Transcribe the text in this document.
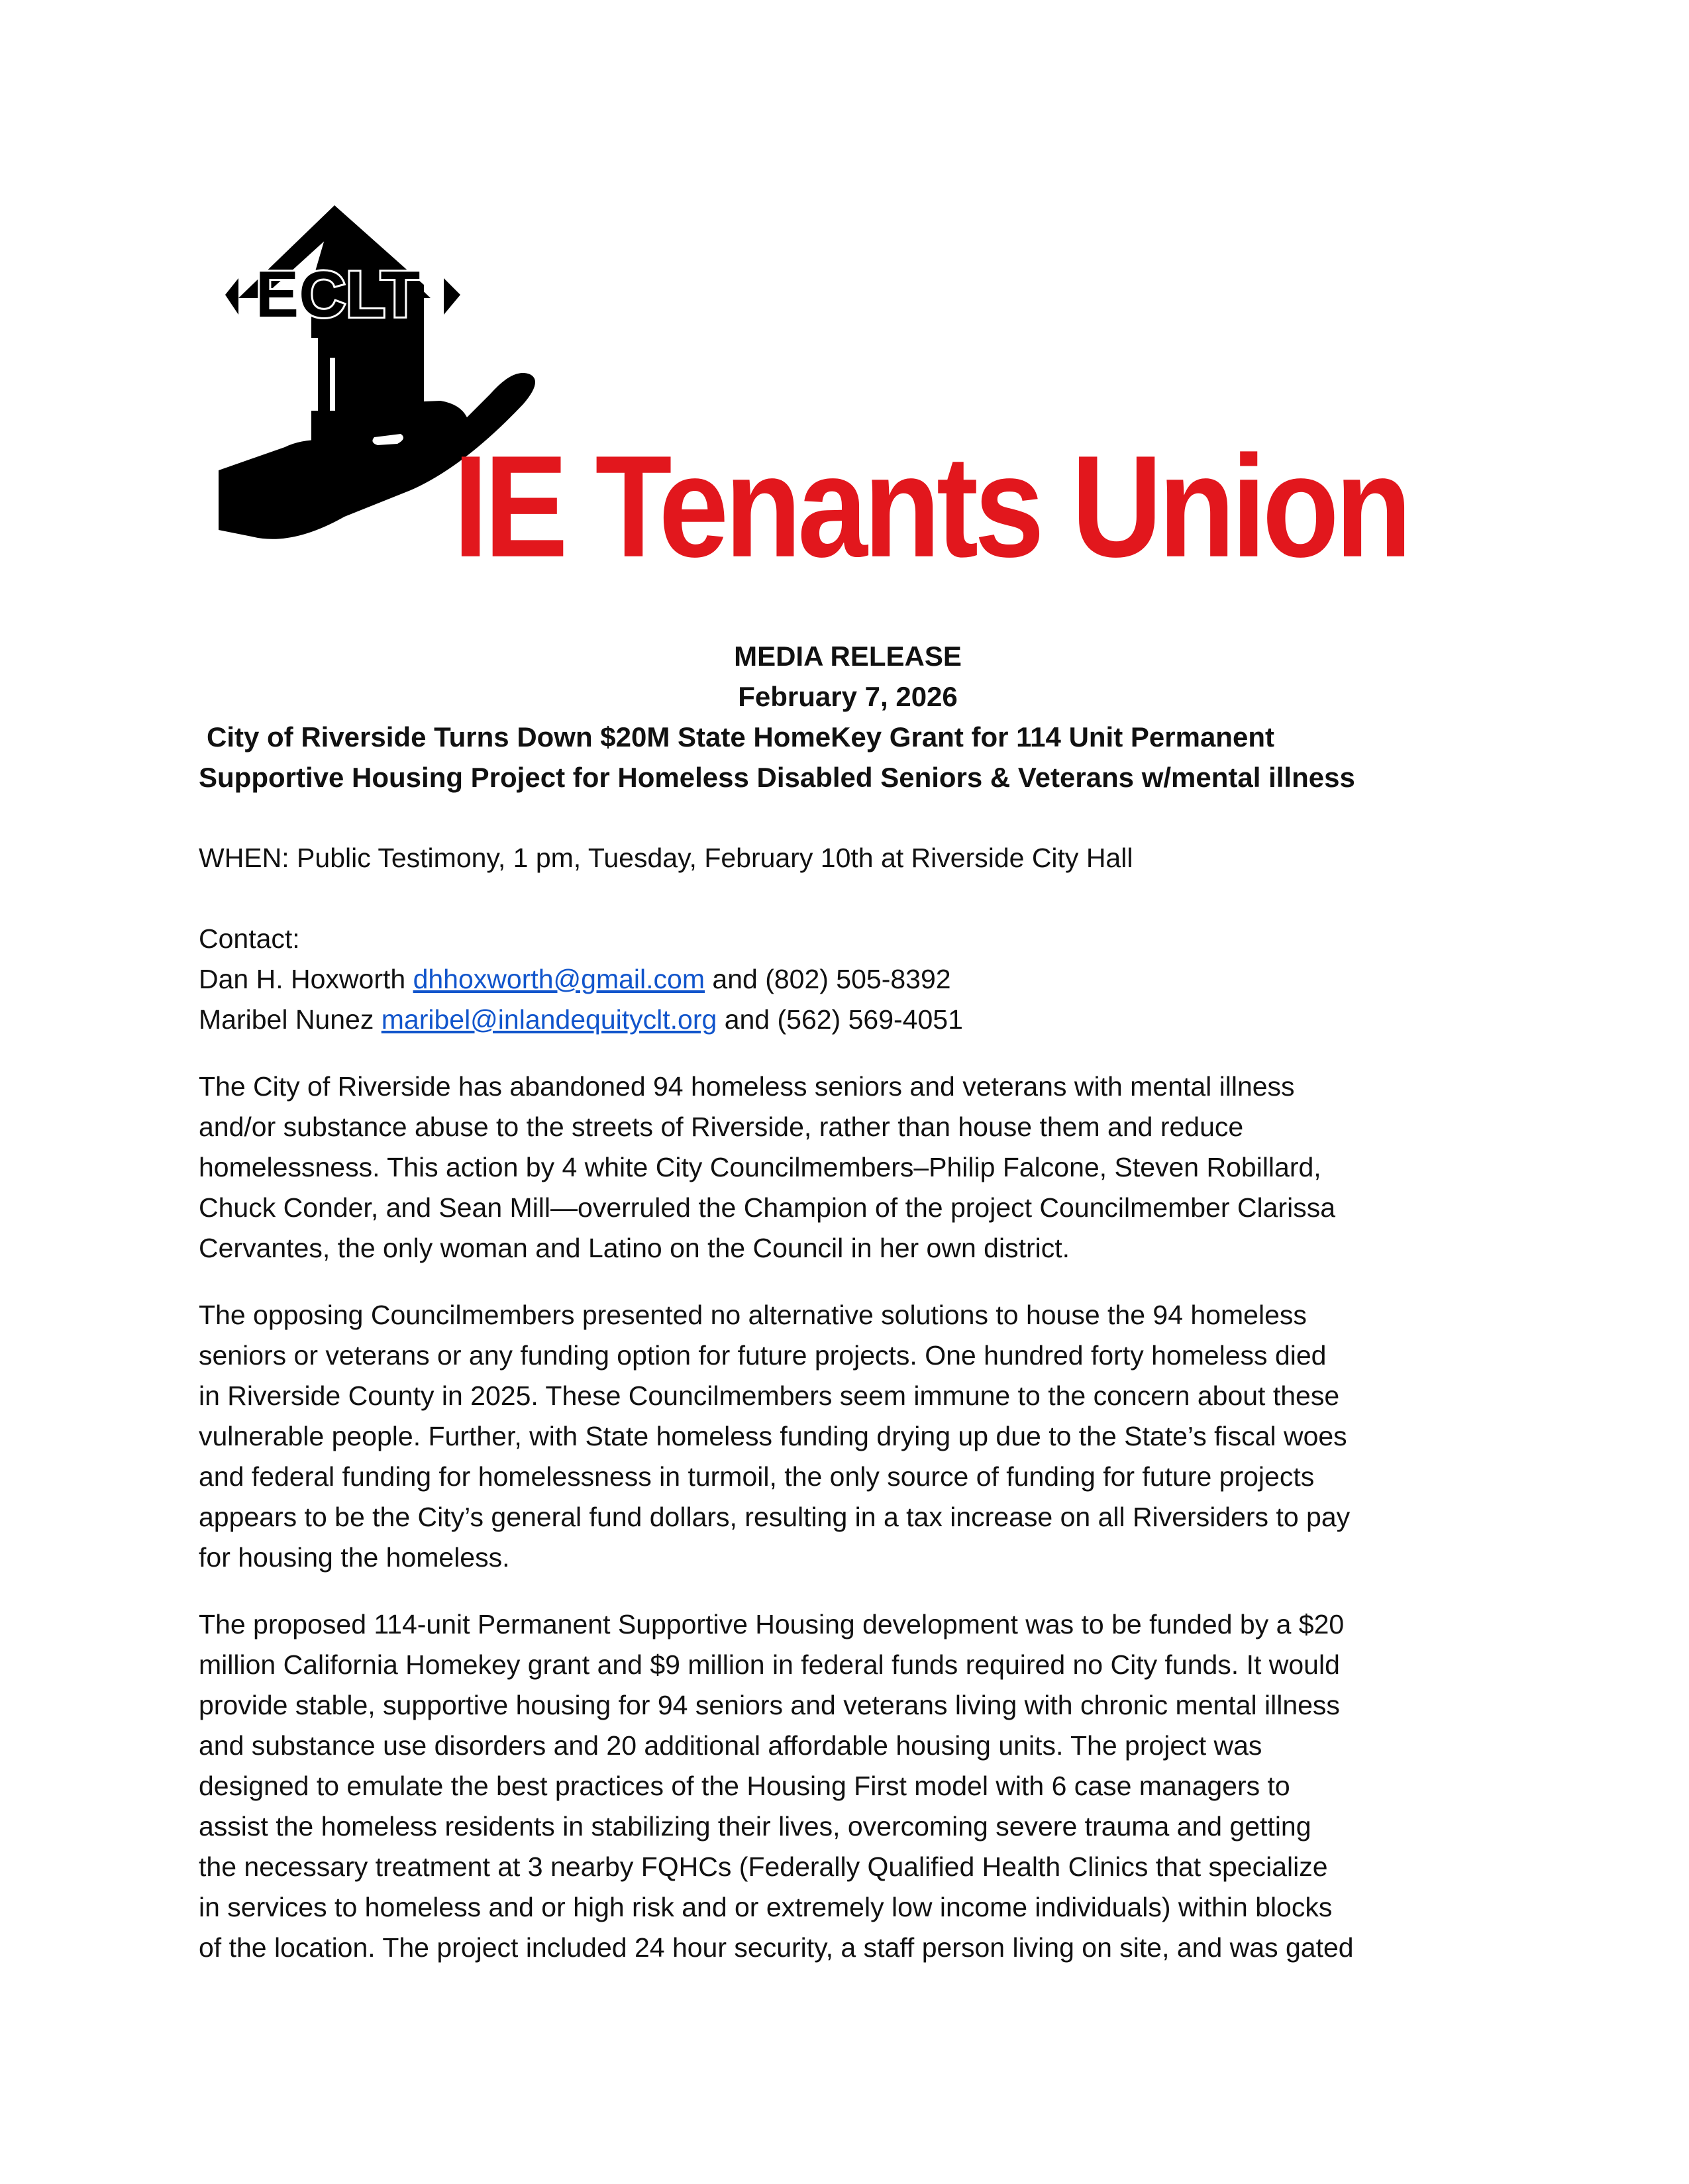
ECLT
IE Tenants Union
MEDIA RELEASE
February 7, 2026
City of Riverside Turns Down $20M State HomeKey Grant for 114 Unit Permanent
Supportive Housing Project for Homeless Disabled Seniors & Veterans w/mental illness
WHEN: Public Testimony, 1 pm, Tuesday, February 10th at Riverside City Hall
Contact:
Dan H. Hoxworth dhhoxworth@gmail.com and (802) 505-8392
Maribel Nunez maribel@inlandequityclt.org and (562) 569-4051
The City of Riverside has abandoned 94 homeless seniors and veterans with mental illness
and/or substance abuse to the streets of Riverside, rather than house them and reduce
homelessness. This action by 4 white City Councilmembers–Philip Falcone, Steven Robillard,
Chuck Conder, and Sean Mill—overruled the Champion of the project Councilmember Clarissa
Cervantes, the only woman and Latino on the Council in her own district.
The opposing Councilmembers presented no alternative solutions to house the 94 homeless
seniors or veterans or any funding option for future projects. One hundred forty homeless died
in Riverside County in 2025. These Councilmembers seem immune to the concern about these
vulnerable people. Further, with State homeless funding drying up due to the State’s fiscal woes
and federal funding for homelessness in turmoil, the only source of funding for future projects
appears to be the City’s general fund dollars, resulting in a tax increase on all Riversiders to pay
for housing the homeless.
The proposed 114-unit Permanent Supportive Housing development was to be funded by a $20
million California Homekey grant and $9 million in federal funds required no City funds. It would
provide stable, supportive housing for 94 seniors and veterans living with chronic mental illness
and substance use disorders and 20 additional affordable housing units. The project was
designed to emulate the best practices of the Housing First model with 6 case managers to
assist the homeless residents in stabilizing their lives, overcoming severe trauma and getting
the necessary treatment at 3 nearby FQHCs (Federally Qualified Health Clinics that specialize
in services to homeless and or high risk and or extremely low income individuals) within blocks
of the location. The project included 24 hour security, a staff person living on site, and was gated
